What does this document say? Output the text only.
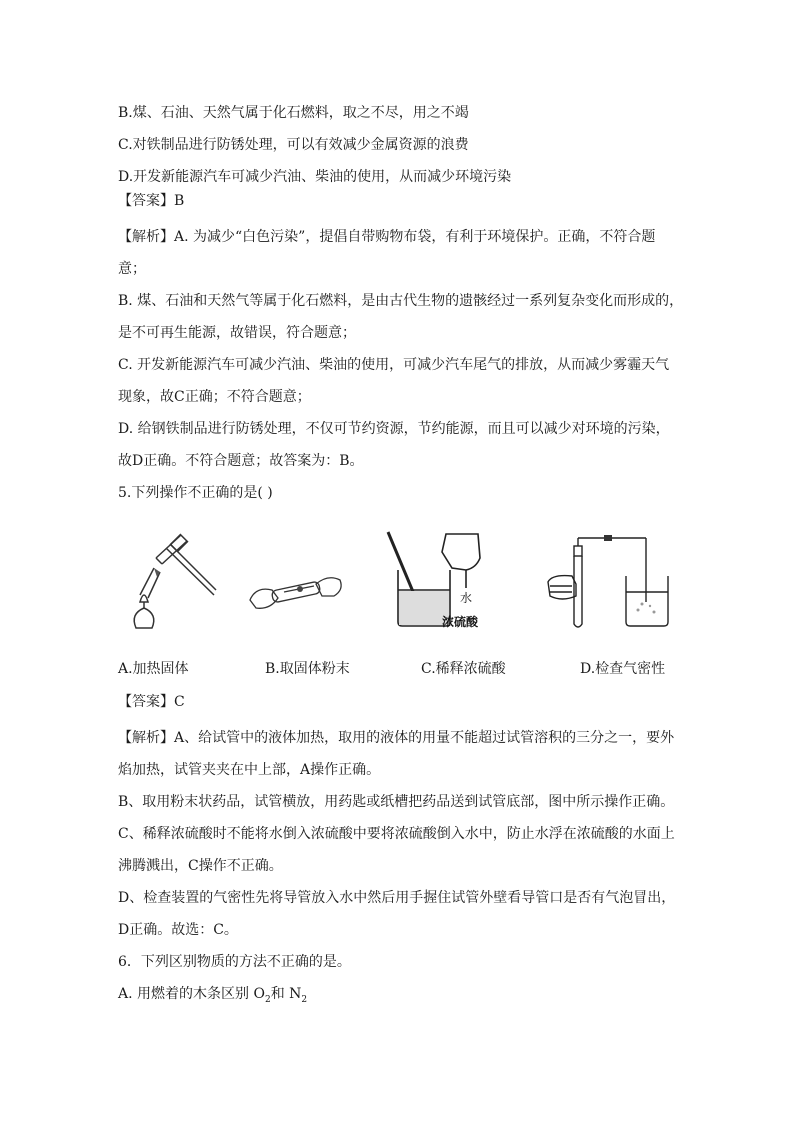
B.煤、石油、天然气属于化石燃料，取之不尽，用之不竭
C.对铁制品进行防锈处理，可以有效减少金属资源的浪费
D.开发新能源汽车可减少汽油、柴油的使用，从而减少环境污染
【答案】B
【解析】A. 为减少“白色污染”，提倡自带购物布袋，有利于环境保护。正确，不符合题
意；
B. 煤、石油和天然气等属于化石燃料，是由古代生物的遗骸经过一系列复杂变化而形成的，
是不可再生能源，故错误，符合题意；
C. 开发新能源汽车可减少汽油、柴油的使用，可减少汽车尾气的排放，从而减少雾霾天气
现象，故C正确；不符合题意；
D. 给钢铁制品进行防锈处理，不仅可节约资源，节约能源，而且可以减少对环境的污染，
故D正确。不符合题意；故答案为：B。
5.下列操作不正确的是( )
水
浓硫酸
A.加热固体	B.取固体粉末	C.稀释浓硫酸	D.检查气密性
【答案】C
【解析】A、给试管中的液体加热，取用的液体的用量不能超过试管溶积的三分之一，要外
焰加热，试管夹夹在中上部，A操作正确。
B、取用粉末状药品，试管横放，用药匙或纸槽把药品送到试管底部，图中所示操作正确。
C、稀释浓硫酸时不能将水倒入浓硫酸中要将浓硫酸倒入水中，防止水浮在浓硫酸的水面上
沸腾溅出，C操作不正确。
D、检查装置的气密性先将导管放入水中然后用手握住试管外壁看导管口是否有气泡冒出，
D正确。故选：C。
6．下列区别物质的方法不正确的是。
A. 用燃着的木条区别 $O_2$和 $N_2$
